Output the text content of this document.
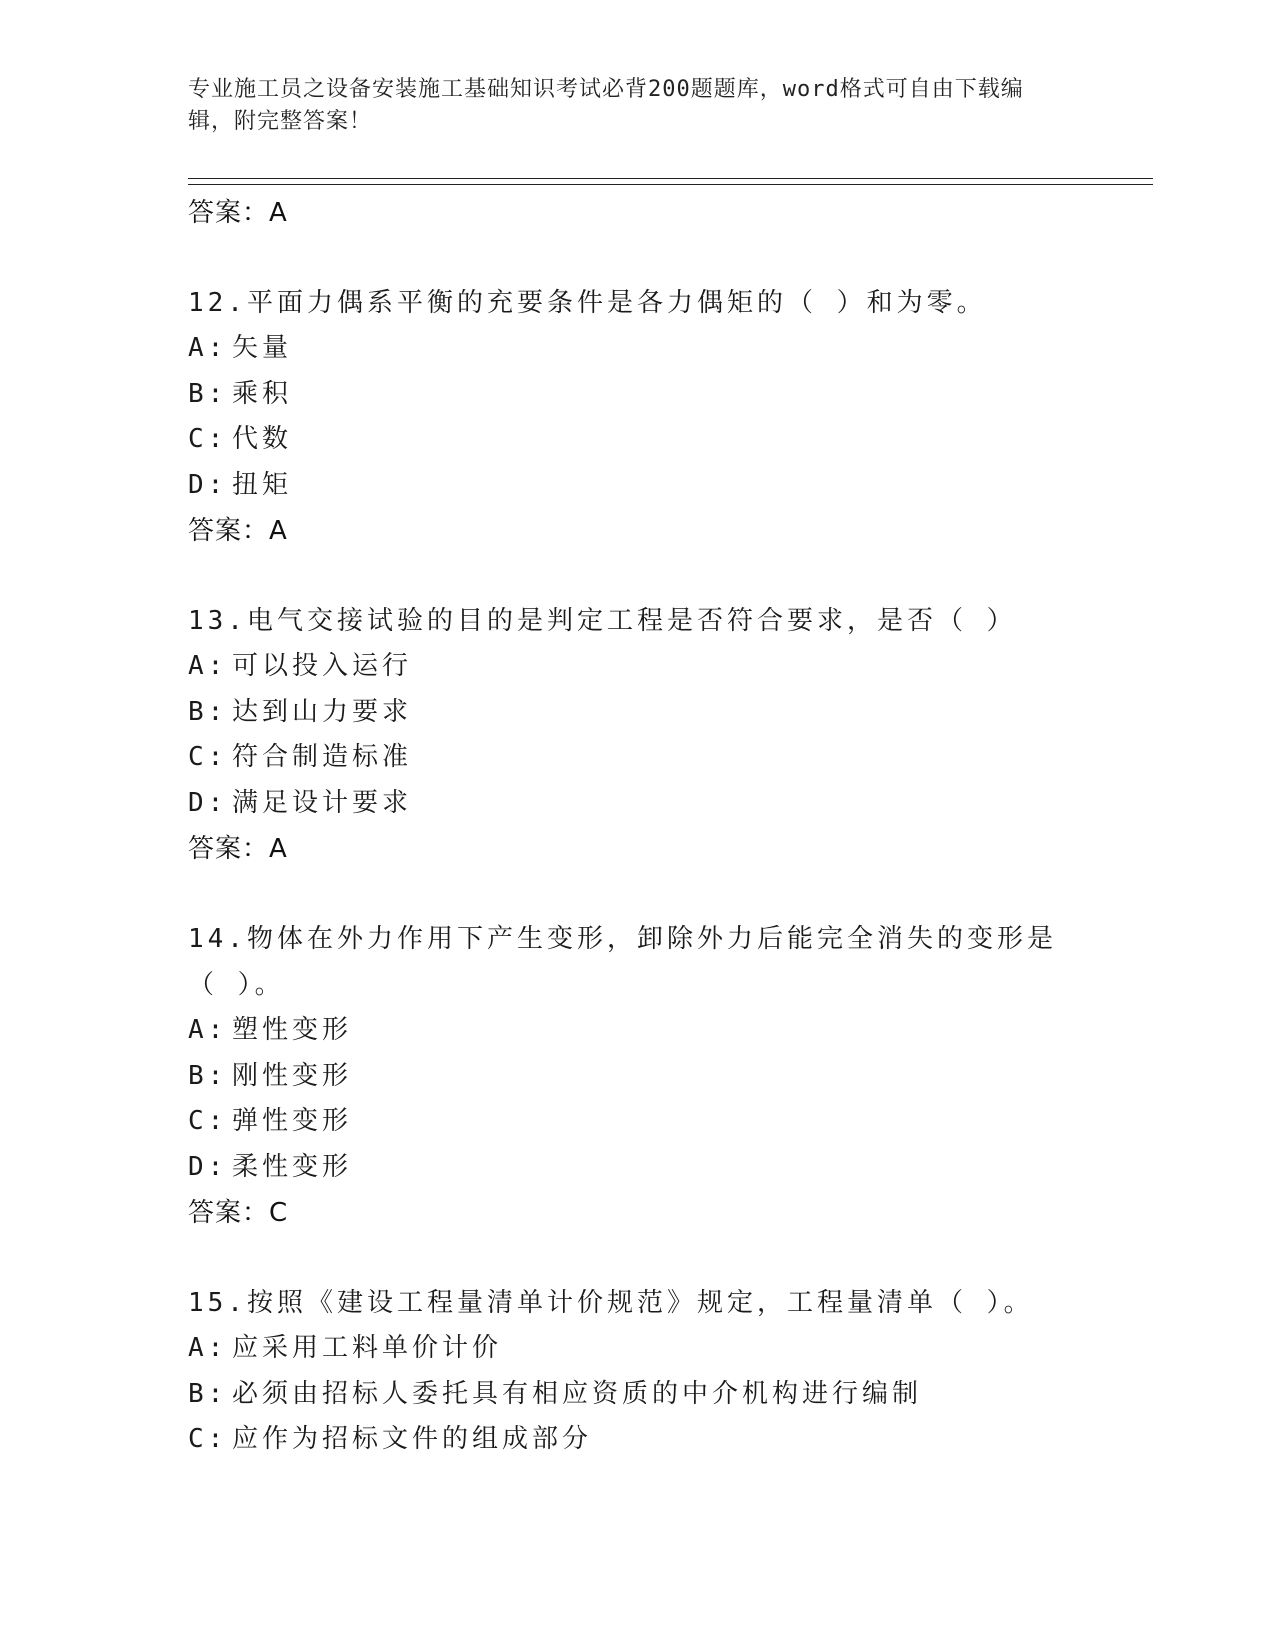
专业施工员之设备安装施工基础知识考试必背200题题库，word格式可自由下载编辑，附完整答案！
答案：A
12.平面力偶系平衡的充要条件是各力偶矩的（ ）和为零。
A: 矢量
B: 乘积
C: 代数
D: 扭矩
答案：A
13.电气交接试验的目的是判定工程是否符合要求，是否（ ）
A: 可以投入运行
B: 达到山力要求
C: 符合制造标准
D: 满足设计要求
答案：A
14.物体在外力作用下产生变形，卸除外力后能完全消失的变形是（ ）。
A: 塑性变形
B: 刚性变形
C: 弹性变形
D: 柔性变形
答案：C
15.按照《建设工程量清单计价规范》规定，工程量清单（ ）。
A: 应采用工料单价计价
B: 必须由招标人委托具有相应资质的中介机构进行编制
C: 应作为招标文件的组成部分
